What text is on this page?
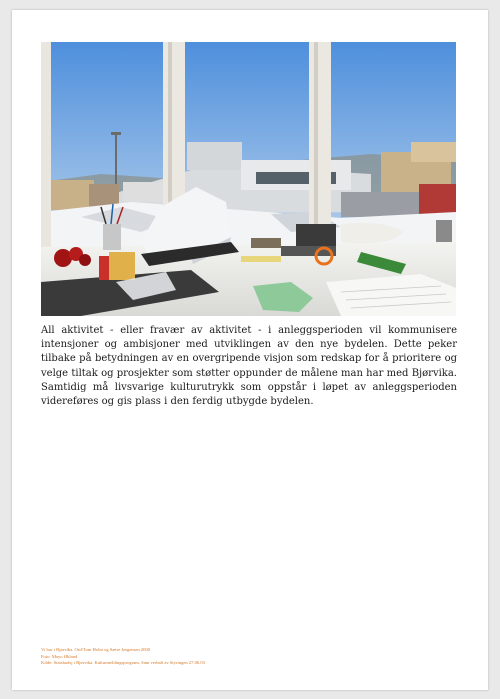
All aktivitet - eller fravær av aktivitet - i anleggsperioden vil kommunisere intensjoner og ambisjoner med utviklingen av den nye bydelen. Dette peker tilbake på betydningen av en overgripende visjon som redskap for å prioritere og velge tiltak og prosjekter som støtter oppunder de målene man har med Bjørvika. Samtidig må livsvarige kulturutrykk som oppstår i løpet av anleggsperioden videreføres og gis plass i den ferdig utbygde bydelen.

Vi bor i Bjørvika. Ord/Tom Holm og Sætre Jørgensen 2000
Foto: Mayo Økland
Kilde: Statsbudsj i Bjørvika. Kulturmeldingsprogram, Sam verbalt av Styringen 27.06.03
